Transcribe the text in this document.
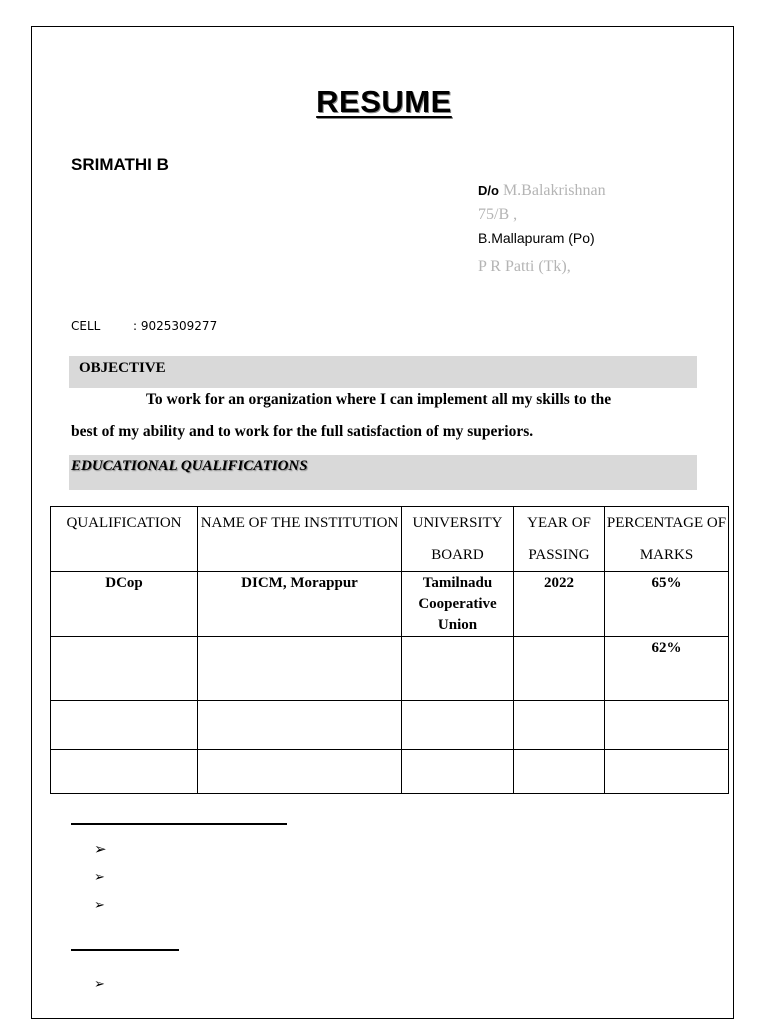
RESUME
SRIMATHI B
D/o M.Balakrishnan
75/B ,
B.Mallapuram (Po)
P R Patti (Tk),
CELL	: 9025309277
OBJECTIVE
To work for an organization where I can implement all my skills to the
best of my ability and to work for the full satisfaction of my superiors.
EDUCATIONAL QUALIFICATIONS
QUALIFICATION	NAME OF THE INSTITUTION	UNIVERSITY BOARD	YEAR OF PASSING	PERCENTAGE OF MARKS
DCop	DICM, Morappur	Tamilnadu Cooperative Union	2022	65%
				62%

➢
➢
➢
➢
